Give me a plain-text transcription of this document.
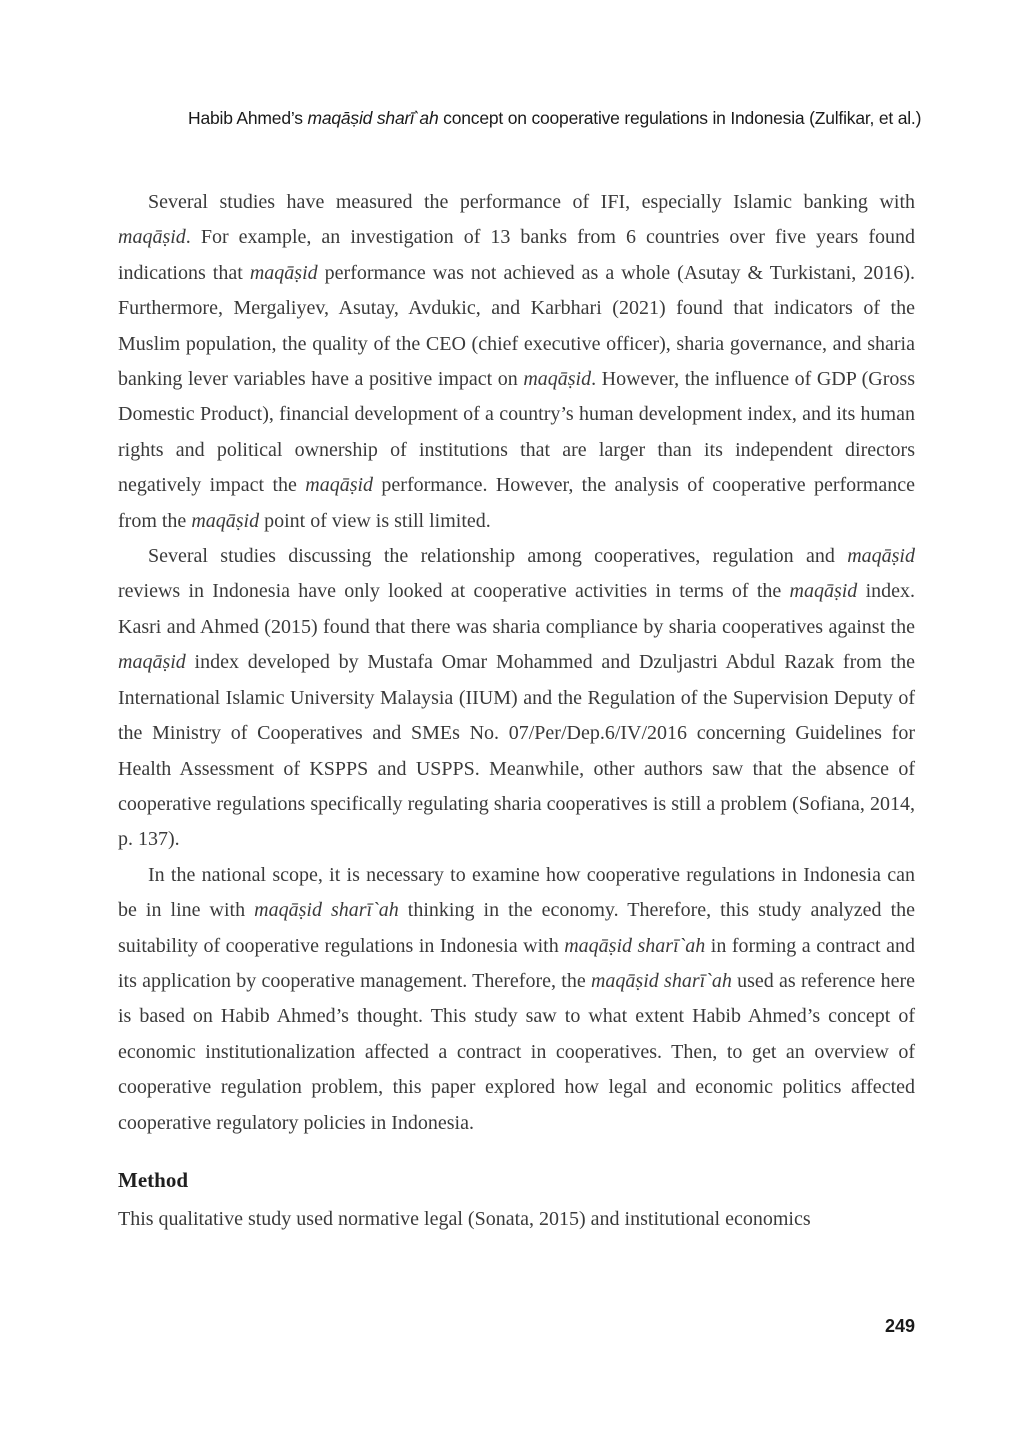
Habib Ahmed’s maqāṣid sharī`ah concept on cooperative regulations in Indonesia (Zulfikar, et al.)

Several studies have measured the performance of IFI, especially Islamic banking with maqāṣid. For example, an investigation of 13 banks from 6 countries over five years found indications that maqāṣid performance was not achieved as a whole (Asutay & Turkistani, 2016). Furthermore, Mergaliyev, Asutay, Avdukic, and Karbhari (2021) found that indicators of the Muslim population, the quality of the CEO (chief executive officer), sharia governance, and sharia banking lever variables have a positive impact on maqāṣid. However, the influence of GDP (Gross Domestic Product), financial development of a country’s human development index, and its human rights and political ownership of institutions that are larger than its independent directors negatively impact the maqāṣid performance. However, the analysis of cooperative performance from the maqāṣid point of view is still limited.

Several studies discussing the relationship among cooperatives, regulation and maqāṣid reviews in Indonesia have only looked at cooperative activities in terms of the maqāṣid index. Kasri and Ahmed (2015) found that there was sharia compliance by sharia cooperatives against the maqāṣid index developed by Mustafa Omar Mohammed and Dzuljastri Abdul Razak from the International Islamic University Malaysia (IIUM) and the Regulation of the Supervision Deputy of the Ministry of Cooperatives and SMEs No. 07/Per/Dep.6/IV/2016 concerning Guidelines for Health Assessment of KSPPS and USPPS. Meanwhile, other authors saw that the absence of cooperative regulations specifically regulating sharia cooperatives is still a problem (Sofiana, 2014, p. 137).

In the national scope, it is necessary to examine how cooperative regulations in Indonesia can be in line with maqāṣid sharī`ah thinking in the economy. Therefore, this study analyzed the suitability of cooperative regulations in Indonesia with maqāṣid sharī`ah in forming a contract and its application by cooperative management. Therefore, the maqāṣid sharī`ah used as reference here is based on Habib Ahmed’s thought. This study saw to what extent Habib Ahmed’s concept of economic institutionalization affected a contract in cooperatives. Then, to get an overview of cooperative regulation problem, this paper explored how legal and economic politics affected cooperative regulatory policies in Indonesia.

Method

This qualitative study used normative legal (Sonata, 2015) and institutional economics

249
